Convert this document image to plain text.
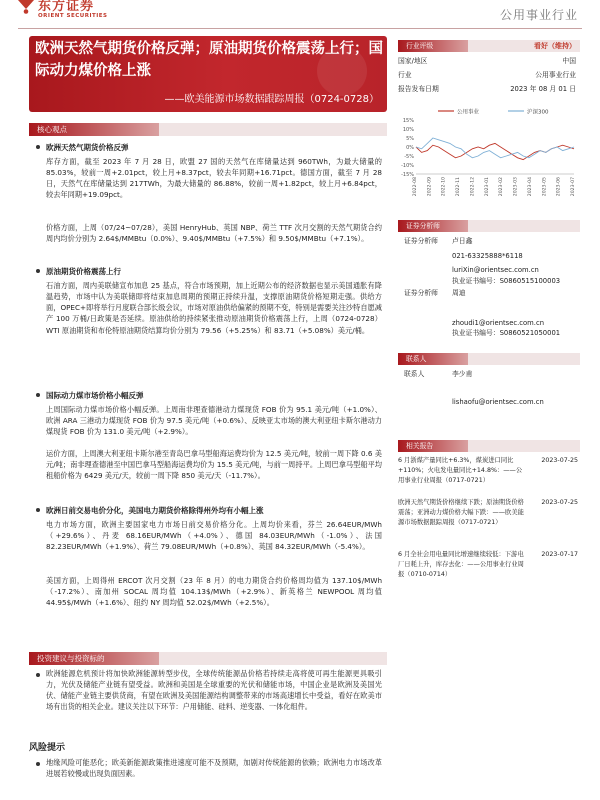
东方证券
ORIENT SECURITIES	公用事业行业
欧洲天然气期货价格反弹；原油期货价格震荡上行；国际动力煤价格上涨
——欧美能源市场数据跟踪周报（0724-0728）
核心观点
欧洲天然气期货价格反弹
库存方面，截至 2023 年 7 月 28 日，欧盟 27 国的天然气在库储量达到 960TWh，为最大储量的 85.03%，较前一周+2.01pct，较上月+8.37pct，较去年同期+16.71pct。德国方面，截至 7 月 28 日，天然气在库储量达到 217TWh，为最大储量的 86.88%，较前一周+1.82pct，较上月+6.84pct，较去年同期+19.09pct。
价格方面，上周（07/24~07/28），美国 HenryHub、英国 NBP、荷兰 TTF 次月交割的天然气期货合约周内均价分别为 2.64$/MMBtu（0.0%）、9.40$/MMBtu（+7.5%）和 9.50$/MMBtu（+7.1%）。
原油期货价格震荡上行
石油方面，周内美联储宣布加息 25 基点，符合市场预期，加上近期公布的经济数据也显示美国通胀有降温趋势，市场中认为美联储即将结束加息周期的预期正持续升温，支撑原油期货价格短期走强。供给方面，OPEC+即将举行月度联合部长级会议，市场对原油供给偏紧的预期不变，特别是需要关注沙特自愿减产 100 万桶/日政策是否延续。原油供给的持续紧张推动原油期货价格震荡上行，上周（0724-0728）WTI 原油期货和布伦特原油期货结算均价分别为 79.56（+5.25%）和 83.71（+5.08%）美元/桶。
国际动力煤市场价格小幅反弹
上周国际动力煤市场价格小幅反弹。上周南非理查德港动力煤现货 FOB 价为 95.1 美元/吨（+1.0%）、欧洲 ARA 三港动力煤现货 FOB 价为 97.5 美元/吨（+0.6%）、反映亚太市场的澳大利亚纽卡斯尔港动力煤现货 FOB 价为 131.0 美元/吨（+2.9%）。
运价方面，上周澳大利亚纽卡斯尔港至青岛巴拿马型船海运费均价为 12.5 美元/吨，较前一周下降 0.6 美元/吨；南非理查德港至中国巴拿马型船海运费均价为 15.5 美元/吨，与前一周持平。上周巴拿马型船平均租船价格为 6429 美元/天，较前一周下降 850 美元/天（-11.7%）。
欧洲日前交易电价分化，美国电力期货价格除得州外均有小幅上涨
电力市场方面，欧洲主要国家电力市场日前交易价格分化。上周均价来看，芬兰 26.64EUR/MWh（+29.6%）、丹麦 68.16EUR/MWh（+4.0%）、德国 84.03EUR/MWh（-1.0%）、法国 82.23EUR/MWh（+1.9%）、荷兰 79.08EUR/MWh（+0.8%）、英国 84.32EUR/MWh（-5.4%）。
美国方面，上周得州 ERCOT 次月交割（23 年 8 月）的电力期货合约价格周均值为 137.10$/MWh（-17.2%）、南加州 SOCAL 周均值 104.13$/MWh（+2.9%）、新英格兰 NEWPOOL 周均值 44.95$/MWh（+1.6%）、纽约 NY 周均值 52.02$/MWh（+2.5%）。
投资建议与投资标的
欧洲能源危机预计将加快欧洲能源转型步伐，全球传统能源品价格若持续走高将使可再生能源更具吸引力，光伏及储能产业链有望受益。欧洲和美国是全球重要的光伏和储能市场，中国企业是欧洲及美国光伏、储能产业链主要供货商，有望在欧洲及美国能源结构调整带来的市场高速增长中受益，看好在欧美市场有出货的相关企业。建议关注以下环节：户用储能、硅料、逆变器、一体化组件。
风险提示
地缘风险可能恶化；欧美新能源政策推进速度可能不及预期，加剧对传统能源的依赖；欧洲电力市场改革进展若较慢或出现负面因素。
行业评级	看好（维持）
国家/地区	中国
行业	公用事业行业
报告发布日期	2023 年 08 月 01 日
公用事业	沪深300
15%
10%
5%
0%
-5%
-10%
-15%
2022-08 2022-09 2022-10 2022-11 2022-12 2023-01 2023-02 2023-03 2023-04 2023-05 2023-06 2023-07
证券分析师
证券分析师 卢日鑫
021-63325888*6118
luriXin@orientsec.com.cn
执业证书编号：S0860515100003
证券分析师 周迪
zhoudi1@orientsec.com.cn
执业证书编号：S0860521050001
联系人
联系人	李少甫
lishaofu@orientsec.com.cn
相关报告
6 月浙煤产量同比+6.3%，煤炭进口同比+110%；火电发电量同比+14.8%：——公用事业行业周报（0717-0721）
2023-07-25
欧洲天然气期货价格继续下跌；原油期货价格震荡；亚洲动力煤价格大幅下跌：——欧美能源市场数据跟踪周报（0717-0721）
2023-07-25
6 月全社会用电量同比增速继续较低：下游电厂日耗上升，库存去化：——公用事业行业周报（0710-0714）
2023-07-17
